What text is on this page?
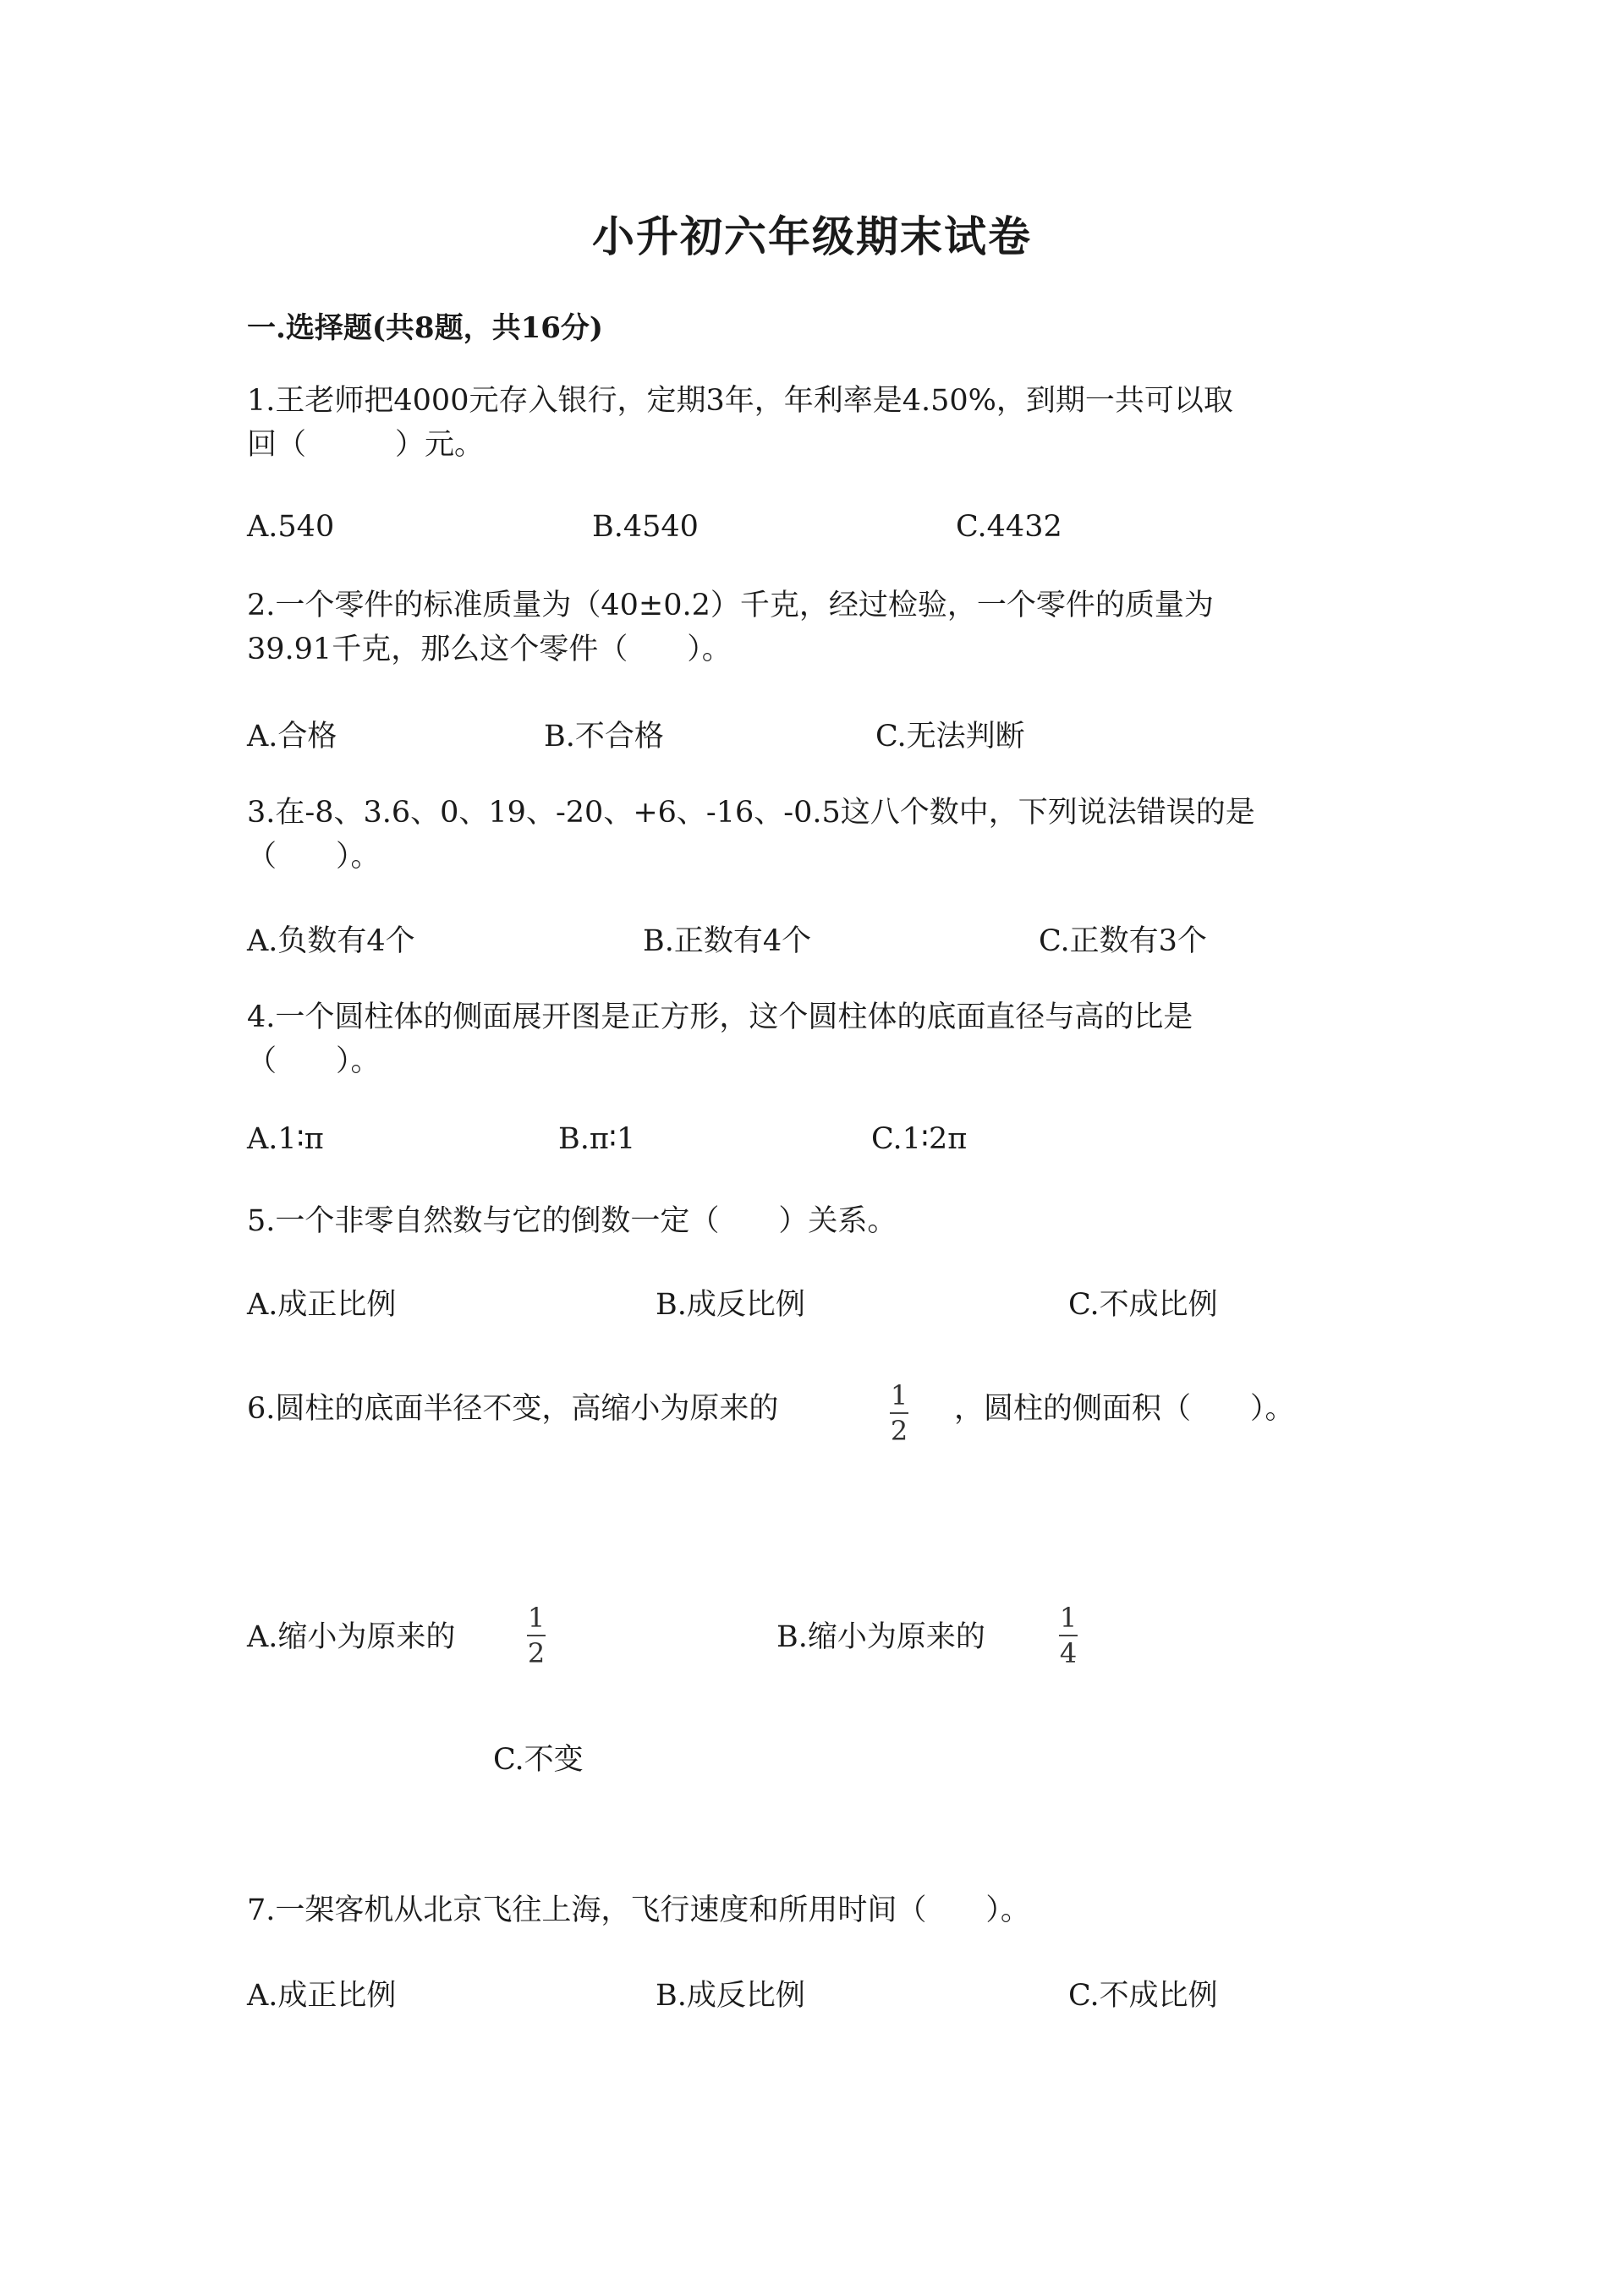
小升初六年级期末试卷
一.选择题(共8题，共16分)
1.王老师把4000元存入银行，定期3年，年利率是4.50%，到期一共可以取
回（　　　）元。
A.540	B.4540	C.4432
2.一个零件的标准质量为（40±0.2）千克，经过检验，一个零件的质量为
39.91千克，那么这个零件（　　）。
A.合格	B.不合格	C.无法判断
3.在-8、3.6、0、19、-20、+6、-16、-0.5这八个数中，下列说法错误的是
（　　）。
A.负数有4个	B.正数有4个	C.正数有3个
4.一个圆柱体的侧面展开图是正方形，这个圆柱体的底面直径与高的比是
（　　）。
A.1∶π	B.π∶1	C.1∶2π
5.一个非零自然数与它的倒数一定（　　）关系。
A.成正比例	B.成反比例	C.不成比例
6.圆柱的底面半径不变，高缩小为原来的	1
2
，圆柱的侧面积（　　）。
A.缩小为原来的
1
2	B.缩小为原来的
1
4
C.不变
7.一架客机从北京飞往上海，飞行速度和所用时间（　　）。
A.成正比例	B.成反比例	C.不成比例
